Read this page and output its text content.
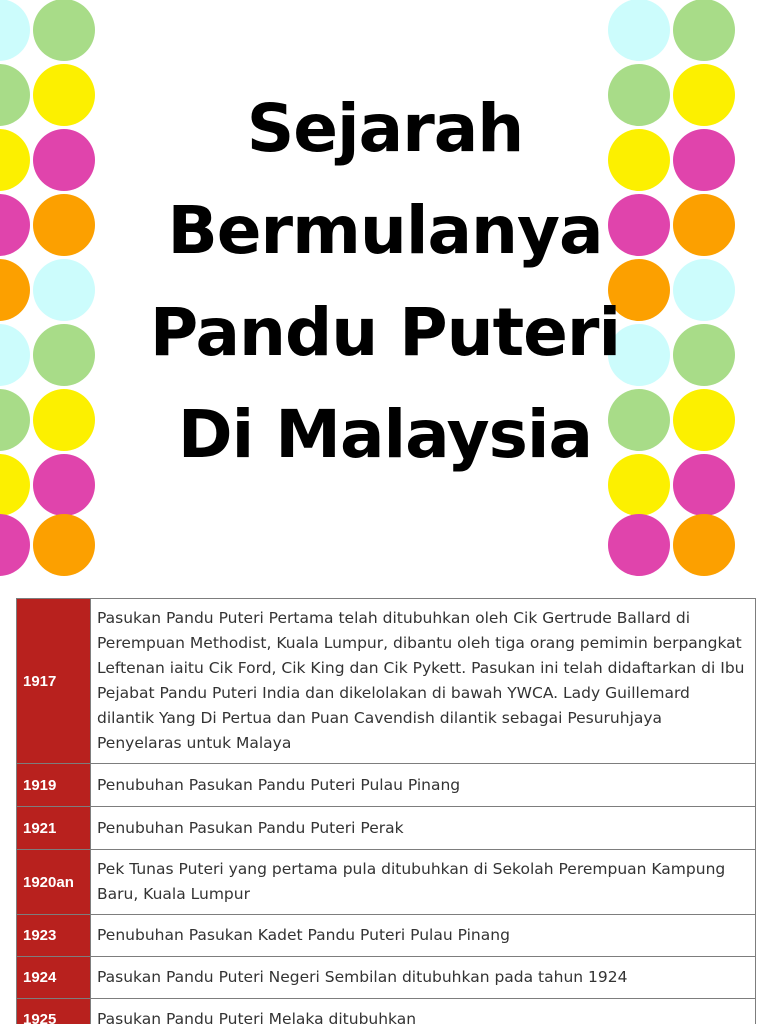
Sejarah
Bermulanya
Pandu Puteri
Di Malaysia
1917	Pasukan Pandu Puteri Pertama telah ditubuhkan oleh Cik Gertrude Ballard di Perempuan Methodist, Kuala Lumpur, dibantu oleh tiga orang pemimin berpangkat Leftenan iaitu Cik Ford, Cik King dan Cik Pykett. Pasukan ini telah didaftarkan di Ibu Pejabat Pandu Puteri India dan dikelolakan di bawah YWCA. Lady Guillemard dilantik Yang Di Pertua dan Puan Cavendish dilantik sebagai Pesuruhjaya Penyelaras untuk Malaya
1919	Penubuhan Pasukan Pandu Puteri Pulau Pinang
1921	Penubuhan Pasukan Pandu Puteri Perak
1920an	Pek Tunas Puteri yang pertama pula ditubuhkan di Sekolah Perempuan Kampung Baru, Kuala Lumpur
1923	Penubuhan Pasukan Kadet Pandu Puteri Pulau Pinang
1924	Pasukan Pandu Puteri Negeri Sembilan ditubuhkan pada tahun 1924
1925	Pasukan Pandu Puteri Melaka ditubuhkan
